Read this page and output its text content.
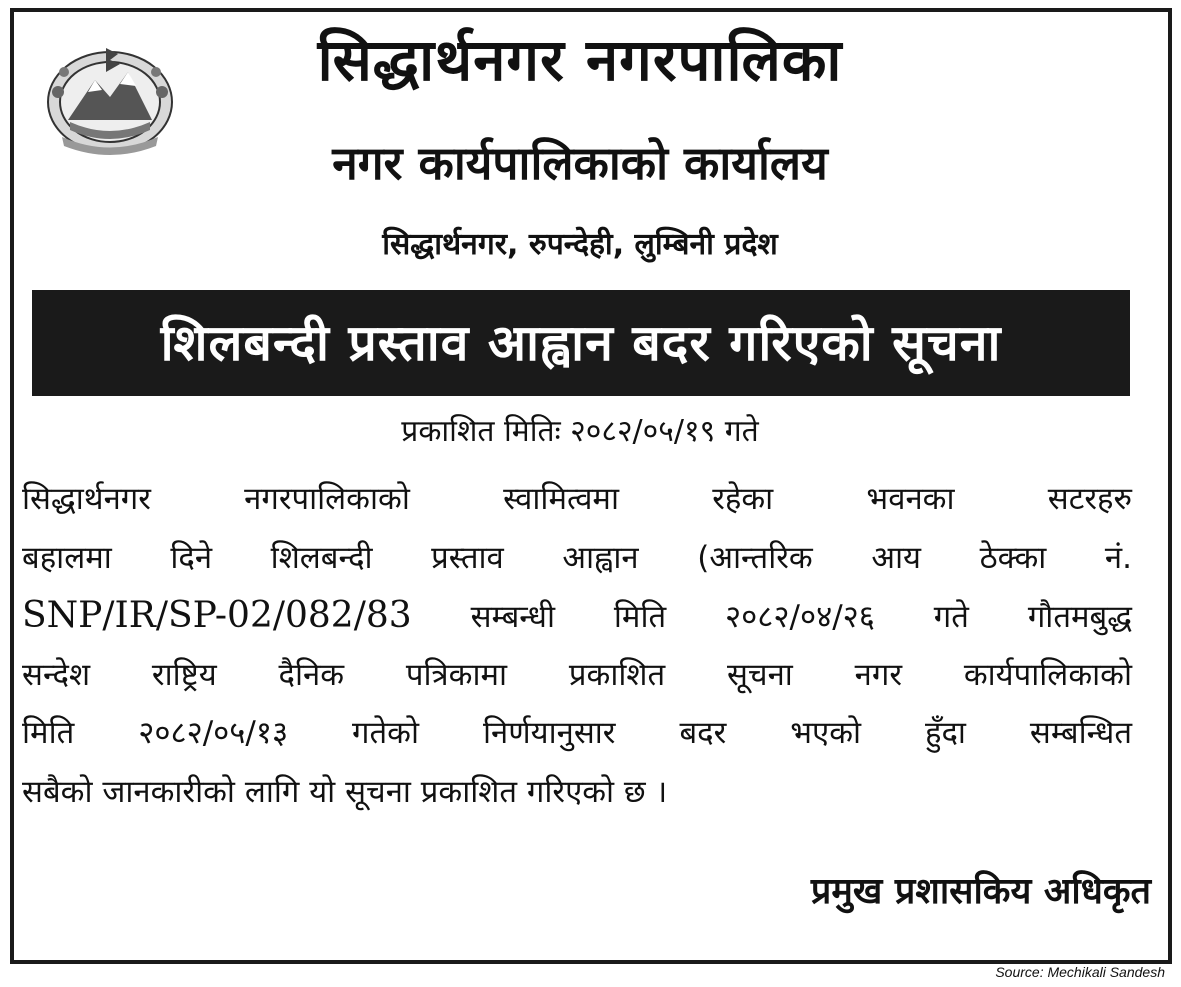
सिद्धार्थनगर नगरपालिका
नगर कार्यपालिकाको कार्यालय
सिद्धार्थनगर, रुपन्देही, लुम्बिनी प्रदेश
शिलबन्दी प्रस्ताव आह्वान बदर गरिएको सूचना
प्रकाशित मितिः २०८२/०५/१९ गते
सिद्धार्थनगर नगरपालिकाको स्वामित्वमा रहेका भवनका सटरहरु
बहालमा दिने शिलबन्दी प्रस्ताव आह्वान (आन्तरिक आय ठेक्का नं.
SNP/IR/SP-02/082/83 सम्बन्धी मिति २०८२/०४/२६ गते गौतमबुद्ध
सन्देश राष्ट्रिय दैनिक पत्रिकामा प्रकाशित सूचना नगर कार्यपालिकाको
मिति २०८२/०५/१३ गतेको निर्णयानुसार बदर भएको हुँदा सम्बन्धित
सबैको जानकारीको लागि यो सूचना प्रकाशित गरिएको छ ।
प्रमुख प्रशासकिय अधिकृत
Source: Mechikali Sandesh
